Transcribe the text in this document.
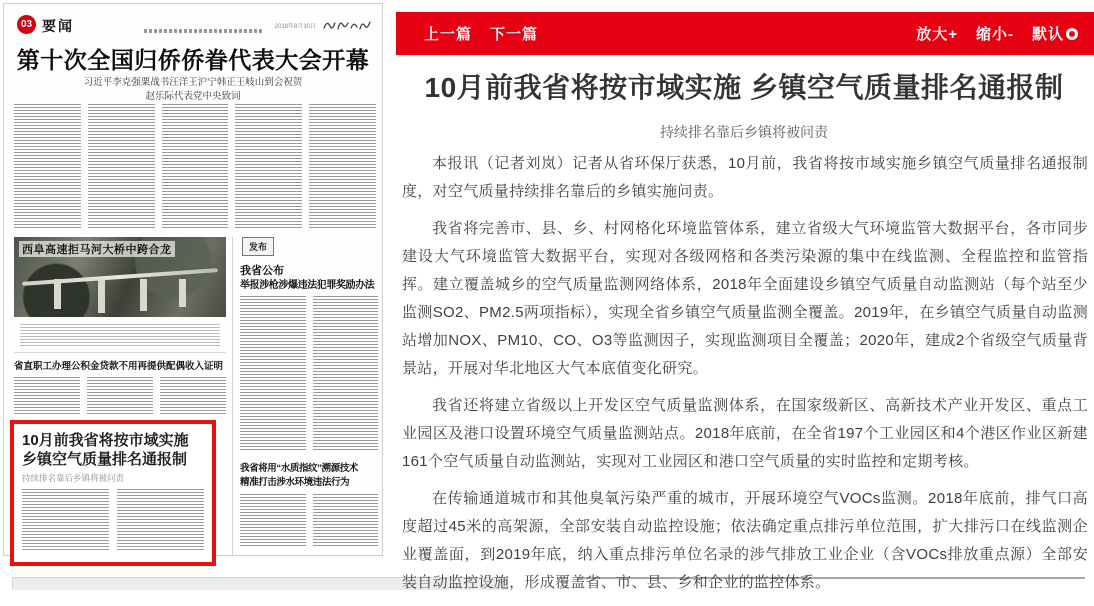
03 要闻	2018年8月30日
第十次全国归侨侨眷代表大会开幕
习近平李克强栗战书汪洋王沪宁韩正王岐山到会祝贺
赵乐际代表党中央致词
西阜高速拒马河大桥中跨合龙
省直职工办理公积金贷款不用再提供配偶收入证明
10月前我省将按市域实施
乡镇空气质量排名通报制
持续排名靠后乡镇将被问责
发布
我省公布
举报涉枪涉爆违法犯罪奖励办法
我省将用“水质指纹”溯源技术
精准打击涉水环境违法行为
上一篇 下一篇	放大+ 缩小- 默认
10月前我省将按市域实施 乡镇空气质量排名通报制
持续排名靠后乡镇将被问责

本报讯（记者刘岚）记者从省环保厅获悉，10月前，我省将按市域实施乡镇空气质量排名通报制度，对空气质量持续排名靠后的乡镇实施问责。

我省将完善市、县、乡、村网格化环境监管体系，建立省级大气环境监管大数据平台，各市同步建设大气环境监管大数据平台，实现对各级网格和各类污染源的集中在线监测、全程监控和监管指挥。建立覆盖城乡的空气质量监测网络体系，2018年全面建设乡镇空气质量自动监测站（每个站至少监测SO2、PM2.5两项指标），实现全省乡镇空气质量监测全覆盖。2019年，在乡镇空气质量自动监测站增加NOX、PM10、CO、O3等监测因子，实现监测项目全覆盖；2020年，建成2个省级空气质量背景站，开展对华北地区大气本底值变化研究。

我省还将建立省级以上开发区空气质量监测体系，在国家级新区、高新技术产业开发区、重点工业园区及港口设置环境空气质量监测站点。2018年底前，在全省197个工业园区和4个港区作业区新建161个空气质量自动监测站，实现对工业园区和港口空气质量的实时监控和定期考核。

在传输通道城市和其他臭氧污染严重的城市，开展环境空气VOCs监测。2018年底前，排气口高度超过45米的高架源，全部安装自动监控设施；依法确定重点排污单位范围，扩大排污口在线监测企业覆盖面，到2019年底，纳入重点排污单位名录的涉气排放工业企业（含VOCs排放重点源）全部安装自动监控设施，形成覆盖省、市、县、乡和企业的监控体系。
